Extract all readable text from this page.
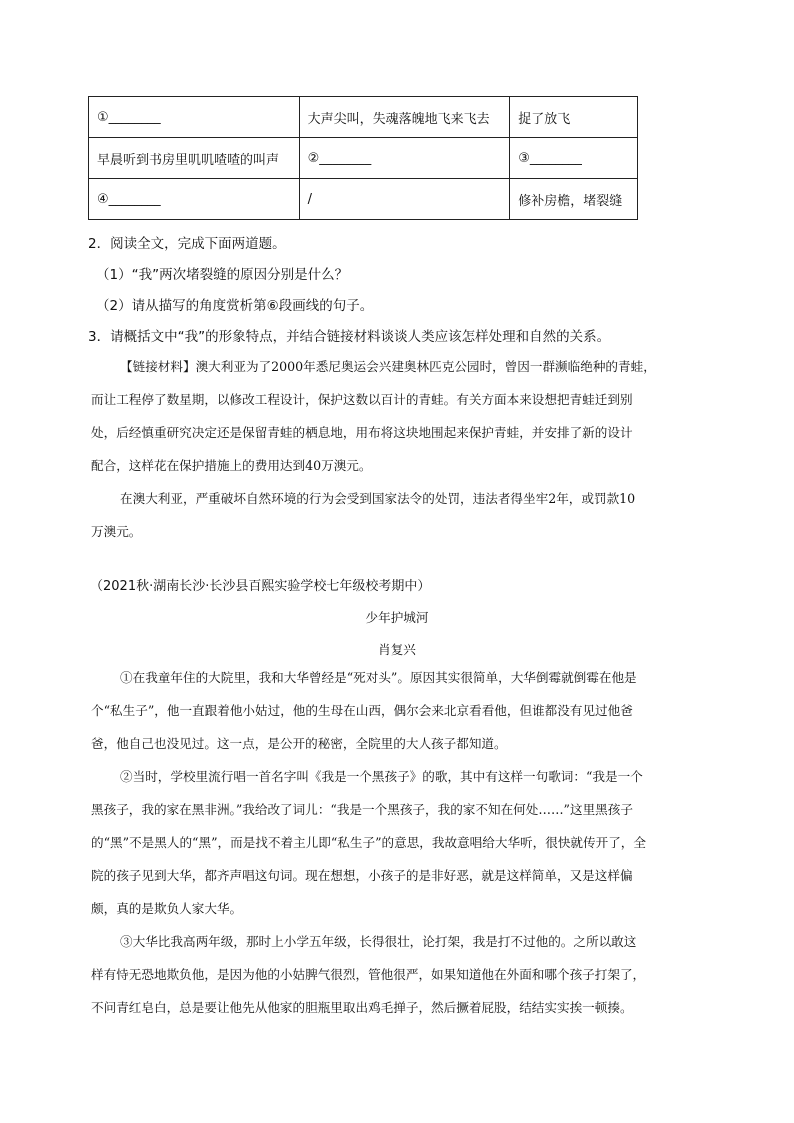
①________	大声尖叫，失魂落魄地飞来飞去	捉了放飞
早晨听到书房里叽叽喳喳的叫声	②________	③________
④________	/	修补房檐，堵裂缝
2．阅读全文，完成下面两道题。
（1）“我”两次堵裂缝的原因分别是什么？
（2）请从描写的角度赏析第⑥段画线的句子。
3．请概括文中“我”的形象特点，并结合链接材料谈谈人类应该怎样处理和自然的关系。
【链接材料】澳大利亚为了2000年悉尼奥运会兴建奥林匹克公园时，曾因一群濒临绝种的青蛙，
而让工程停了数星期，以修改工程设计，保护这数以百计的青蛙。有关方面本来设想把青蛙迁到别
处，后经慎重研究决定还是保留青蛙的栖息地，用布将这块地围起来保护青蛙，并安排了新的设计
配合，这样花在保护措施上的费用达到40万澳元。
在澳大利亚，严重破坏自然环境的行为会受到国家法令的处罚，违法者得坐牢2年，或罚款10
万澳元。
（2021秋·湖南长沙·长沙县百熙实验学校七年级校考期中）
少年护城河
肖复兴
①在我童年住的大院里，我和大华曾经是“死对头”。原因其实很简单，大华倒霉就倒霉在他是
个“私生子”，他一直跟着他小姑过，他的生母在山西，偶尔会来北京看看他，但谁都没有见过他爸
爸，他自己也没见过。这一点，是公开的秘密，全院里的大人孩子都知道。
②当时，学校里流行唱一首名字叫《我是一个黑孩子》的歌，其中有这样一句歌词：“我是一个
黑孩子，我的家在黑非洲。”我给改了词儿：“我是一个黑孩子，我的家不知在何处……”这里黑孩子
的“黑”不是黑人的“黑”，而是找不着主儿即“私生子”的意思，我故意唱给大华听，很快就传开了，全
院的孩子见到大华，都齐声唱这句词。现在想想，小孩子的是非好恶，就是这样简单，又是这样偏
颇，真的是欺负人家大华。
③大华比我高两年级，那时上小学五年级，长得很壮，论打架，我是打不过他的。之所以敢这
样有恃无恐地欺负他，是因为他的小姑脾气很烈，管他很严，如果知道他在外面和哪个孩子打架了，
不问青红皂白，总是要让他先从他家的胆瓶里取出鸡毛掸子，然后撅着屁股，结结实实挨一顿揍。
